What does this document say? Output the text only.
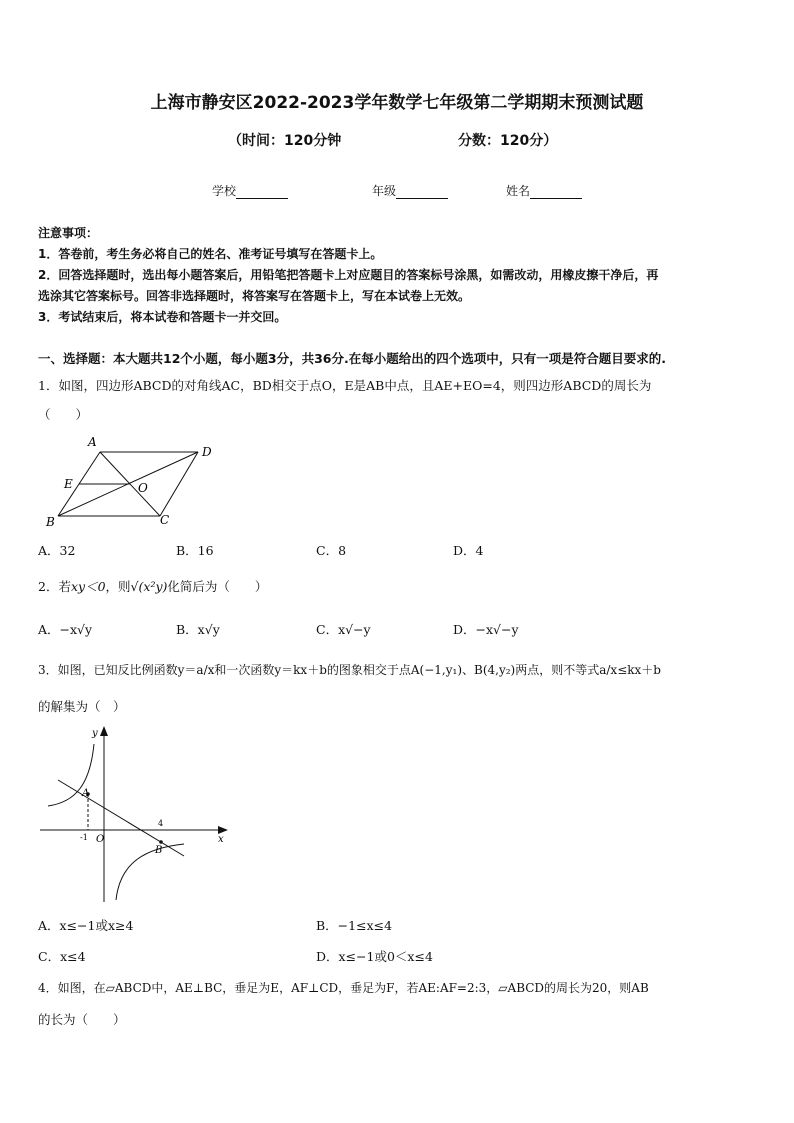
上海市静安区2022-2023学年数学七年级第二学期期末预测试题
（时间：120分钟	分数：120分）
学校	年级	姓名
注意事项：
1．答卷前，考生务必将自己的姓名、准考证号填写在答题卡上。
2．回答选择题时，选出每小题答案后，用铅笔把答题卡上对应题目的答案标号涂黑，如需改动，用橡皮擦干净后，再
选涂其它答案标号。回答非选择题时，将答案写在答题卡上，写在本试卷上无效。
3．考试结束后，将本试卷和答题卡一并交回。
一、选择题：本大题共12个小题，每小题3分，共36分.在每小题给出的四个选项中，只有一项是符合题目要求的.
1．如图，四边形ABCD的对角线AC，BD相交于点O，E是AB中点，且AE+EO=4，则四边形ABCD的周长为
（　　）
A
D
E	O
B	C
A．32	B．16	C．8	D．4
2．若xy＜0，则√(x²y)化简后为（　　）
A．−x√y	B．x√y	C．x√−y	D．−x√−y
3．如图，已知反比例函数y＝a/x和一次函数y＝kx＋b的图象相交于点A(−1,y₁)、B(4,y₂)两点，则不等式a/x≤kx＋b
的解集为（　）
y
x
O
A
B
-1
4
A．x≤−1或x≥4	B．−1≤x≤4
C．x≤4	D．x≤−1或0＜x≤4
4．如图，在▱ABCD中，AE⊥BC，垂足为E，AF⊥CD，垂足为F，若AE:AF=2:3，▱ABCD的周长为20，则AB
的长为（　　）
